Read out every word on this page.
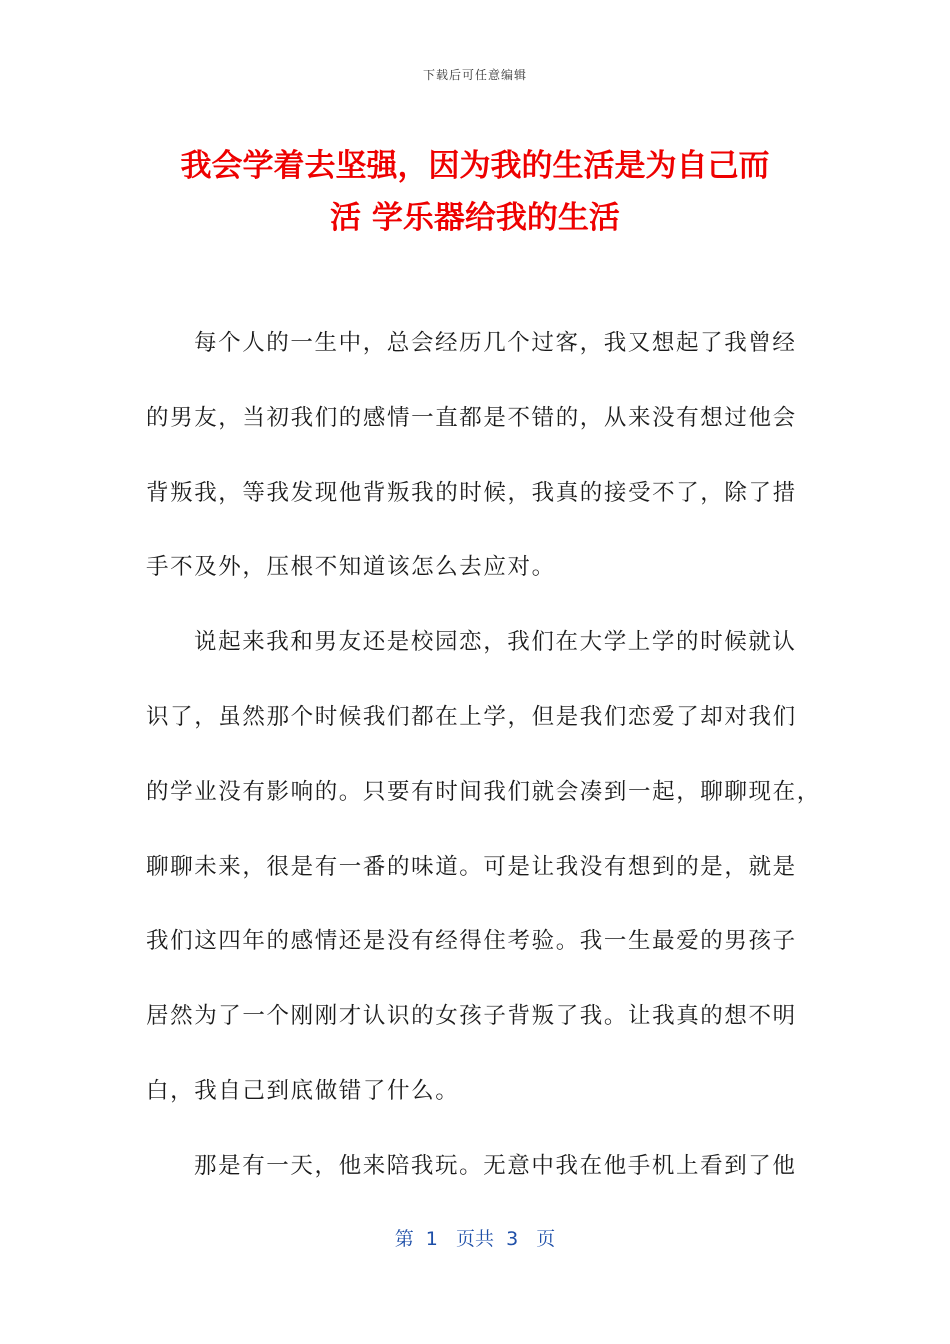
下载后可任意编辑
我会学着去坚强，因为我的生活是为自己而
活 学乐器给我的生活
每个人的一生中，总会经历几个过客，我又想起了我曾经
的男友，当初我们的感情一直都是不错的，从来没有想过他会
背叛我，等我发现他背叛我的时候，我真的接受不了，除了措
手不及外，压根不知道该怎么去应对。
说起来我和男友还是校园恋，我们在大学上学的时候就认
识了，虽然那个时候我们都在上学，但是我们恋爱了却对我们
的学业没有影响的。只要有时间我们就会凑到一起，聊聊现在，
聊聊未来，很是有一番的味道。可是让我没有想到的是，就是
我们这四年的感情还是没有经得住考验。我一生最爱的男孩子
居然为了一个刚刚才认识的女孩子背叛了我。让我真的想不明
白，我自己到底做错了什么。
那是有一天，他来陪我玩。无意中我在他手机上看到了他
第  1   页共  3   页
